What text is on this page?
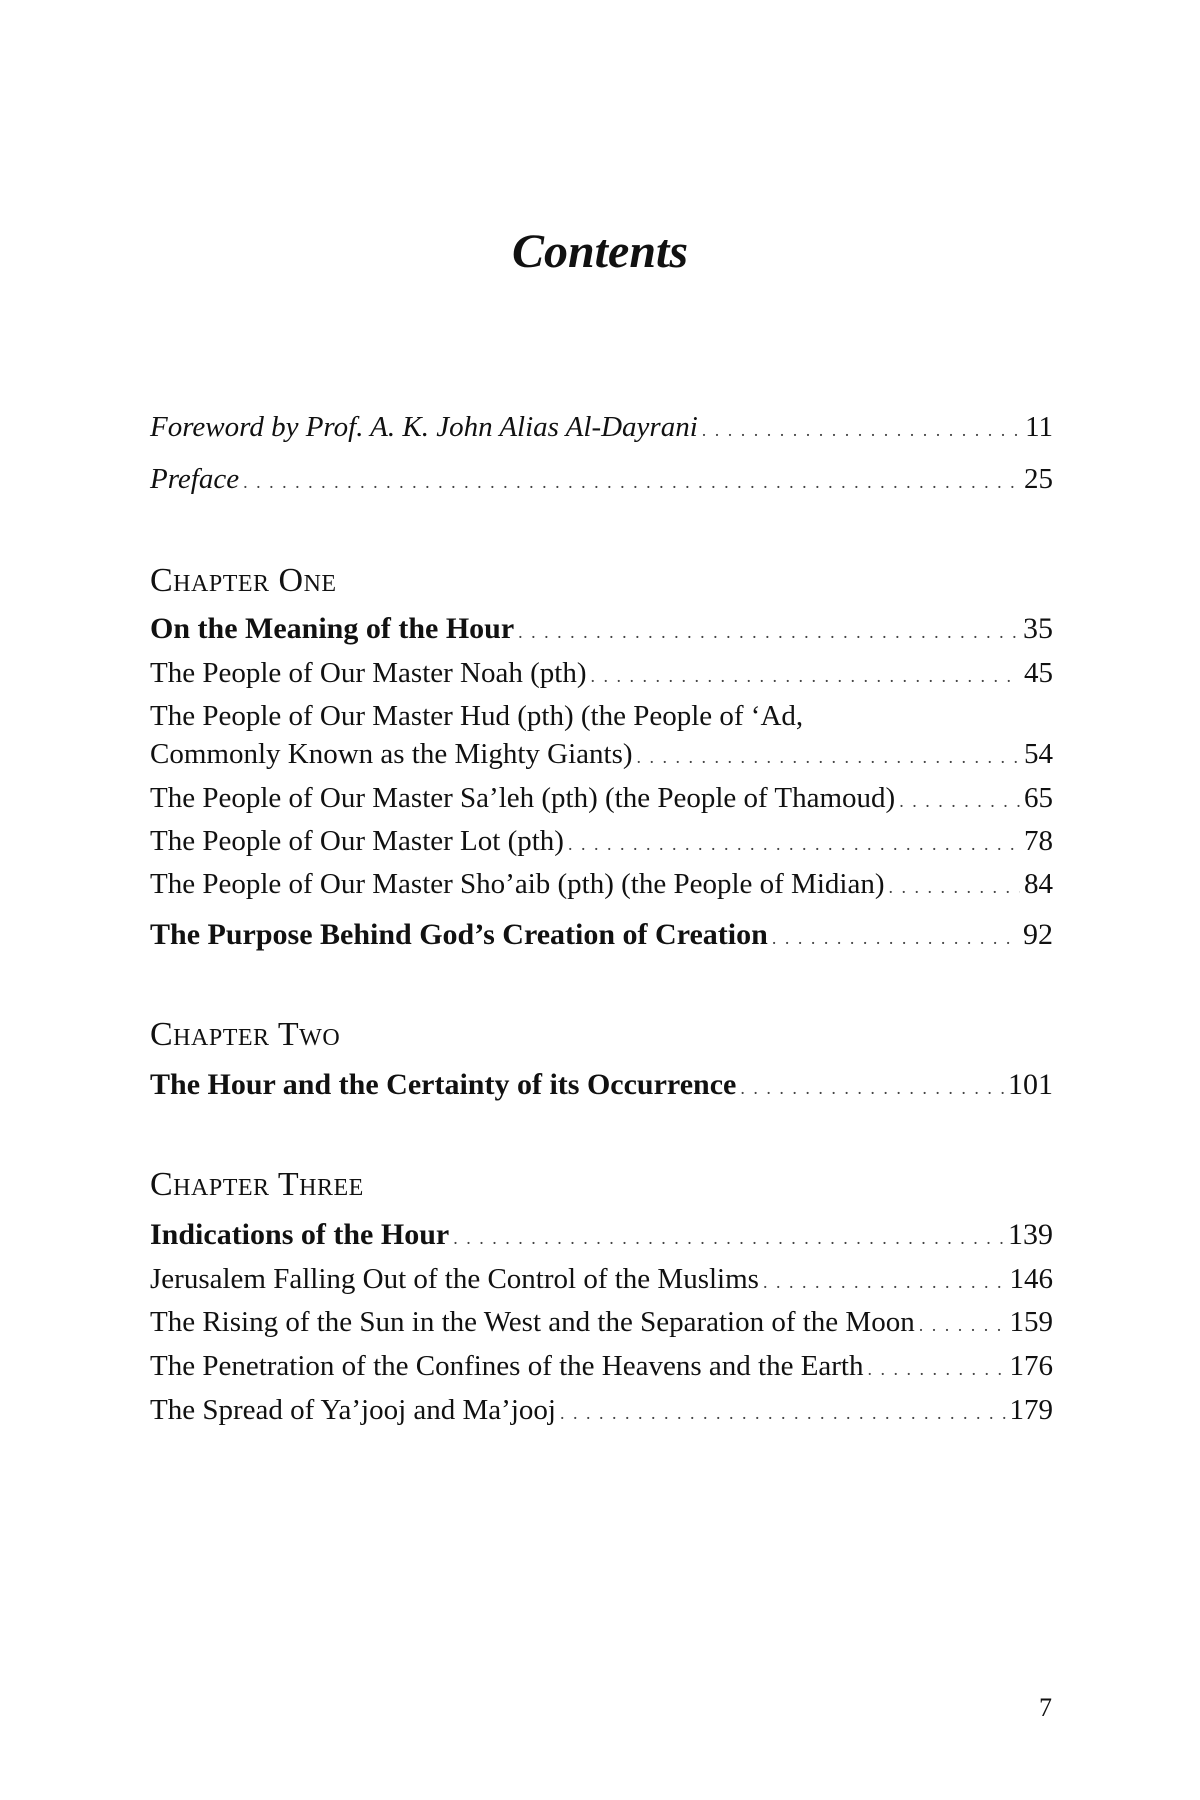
Contents
Foreword by Prof. A. K. John Alias Al-Dayrani . . .	11
Preface . . .	25
Chapter One
On the Meaning of the Hour . . .	35
The People of Our Master Noah (pth) . . .	45
The People of Our Master Hud (pth) (the People of ‘Ad,
Commonly Known as the Mighty Giants) . . .	54
The People of Our Master Sa’leh (pth) (the People of Thamoud) . . .	65
The People of Our Master Lot (pth) . . .	78
The People of Our Master Sho’aib (pth) (the People of Midian) . . .	84
The Purpose Behind God’s Creation of Creation . . .	92
Chapter Two
The Hour and the Certainty of its Occurrence . . .	101
Chapter Three
Indications of the Hour . . .	139
Jerusalem Falling Out of the Control of the Muslims . . .	146
The Rising of the Sun in the West and the Separation of the Moon . . .	159
The Penetration of the Confines of the Heavens and the Earth . . .	176
The Spread of Ya’jooj and Ma’jooj . . .	179
7
